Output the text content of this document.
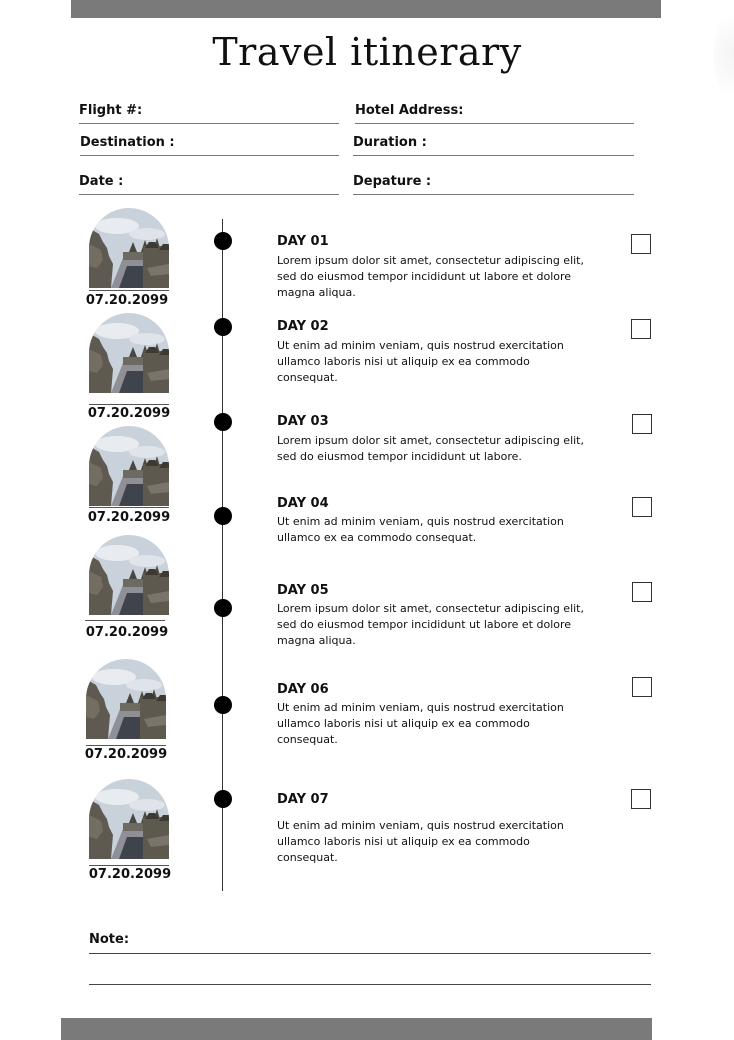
Travel itinerary
Flight #:	Hotel Address:
Destination :	Duration :
Date :	Depature :
07.20.2099
DAY 01
Lorem ipsum dolor sit amet, consectetur adipiscing elit, sed do eiusmod tempor incididunt ut labore et dolore magna aliqua.
07.20.2099
DAY 02
Ut enim ad minim veniam, quis nostrud exercitation ullamco laboris nisi ut aliquip ex ea commodo consequat.
07.20.2099
DAY 03
Lorem ipsum dolor sit amet, consectetur adipiscing elit, sed do eiusmod tempor incididunt ut labore.
07.20.2099
DAY 04
Ut enim ad minim veniam, quis nostrud exercitation ullamco ex ea commodo consequat.
07.20.2099
DAY 05
Lorem ipsum dolor sit amet, consectetur adipiscing elit, sed do eiusmod tempor incididunt ut labore et dolore magna aliqua.
07.20.2099
DAY 06
Ut enim ad minim veniam, quis nostrud exercitation ullamco laboris nisi ut aliquip ex ea commodo consequat.
DAY 07
Ut enim ad minim veniam, quis nostrud exercitation ullamco laboris nisi ut aliquip ex ea commodo consequat.
Note:
